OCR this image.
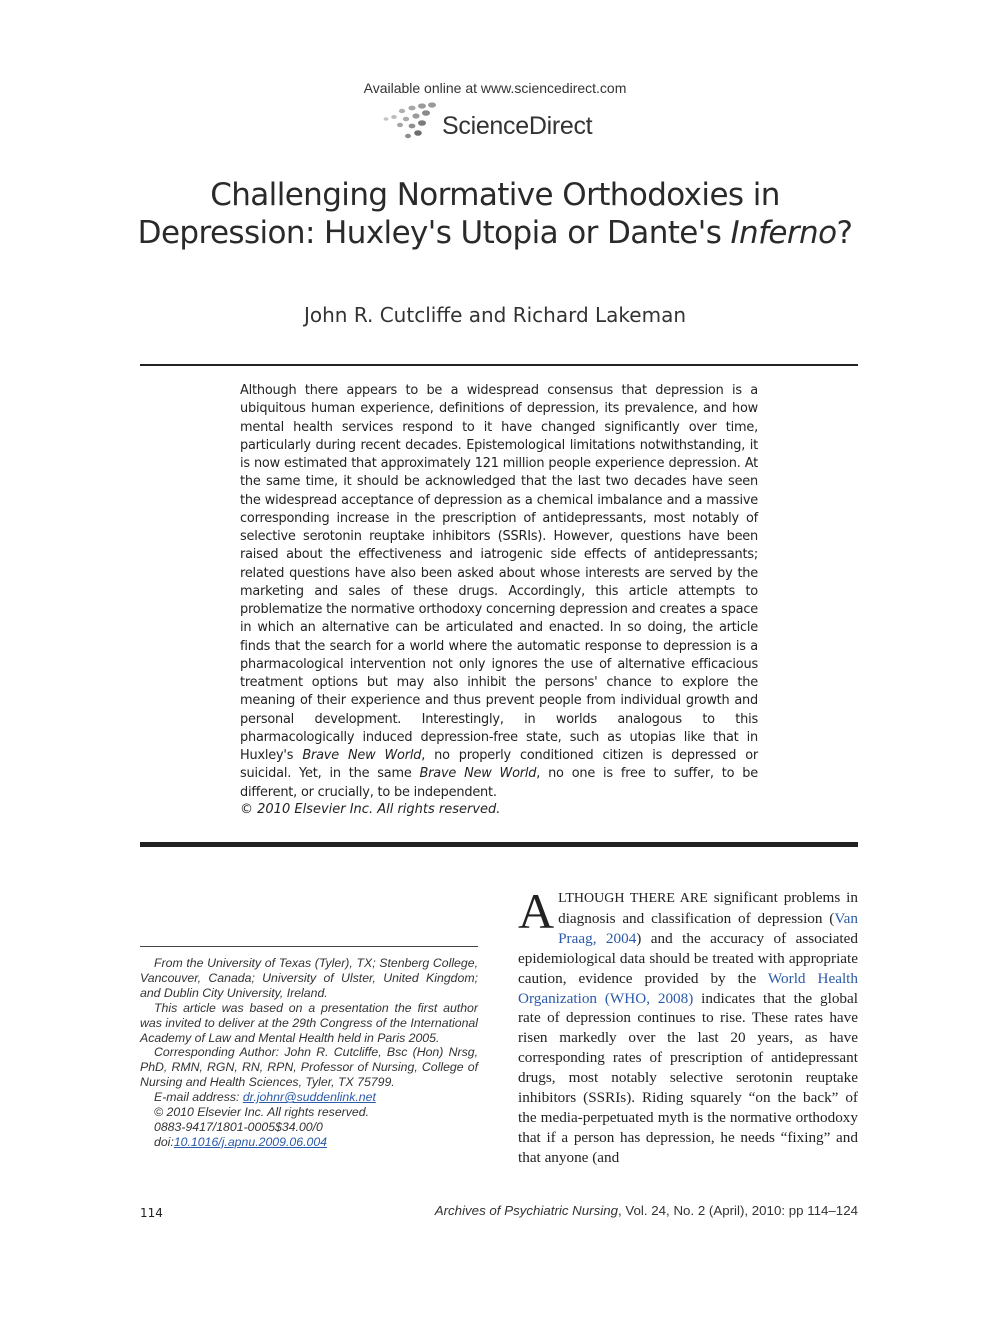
Available online at www.sciencedirect.com
ScienceDirect
Challenging Normative Orthodoxies in Depression: Huxley's Utopia or Dante's Inferno?
John R. Cutcliffe and Richard Lakeman
Although there appears to be a widespread consensus that depression is a ubiquitous human experience, definitions of depression, its prevalence, and how mental health services respond to it have changed significantly over time, particularly during recent decades. Epistemological limitations notwithstanding, it is now estimated that approximately 121 million people experience depression. At the same time, it should be acknowledged that the last two decades have seen the widespread acceptance of depression as a chemical imbalance and a massive corresponding increase in the prescription of antidepressants, most notably of selective serotonin reuptake inhibitors (SSRIs). However, questions have been raised about the effectiveness and iatrogenic side effects of antidepressants; related questions have also been asked about whose interests are served by the marketing and sales of these drugs. Accordingly, this article attempts to problematize the normative orthodoxy concerning depression and creates a space in which an alternative can be articulated and enacted. In so doing, the article finds that the search for a world where the automatic response to depression is a pharmacological intervention not only ignores the use of alternative efficacious treatment options but may also inhibit the persons' chance to explore the meaning of their experience and thus prevent people from individual growth and personal development. Interestingly, in worlds analogous to this pharmacologically induced depression-free state, such as utopias like that in Huxley's Brave New World, no properly conditioned citizen is depressed or suicidal. Yet, in the same Brave New World, no one is free to suffer, to be different, or crucially, to be independent.
© 2010 Elsevier Inc. All rights reserved.
ALTHOUGH THERE ARE significant problems in diagnosis and classification of depression (Van Praag, 2004) and the accuracy of associated epidemiological data should be treated with appropriate caution, evidence provided by the World Health Organization (WHO, 2008) indicates that the global rate of depression continues to rise. These rates have risen markedly over the last 20 years, as have corresponding rates of prescription of antidepressant drugs, most notably selective serotonin reuptake inhibitors (SSRIs). Riding squarely “on the back” of the media-perpetuated myth is the normative orthodoxy that if a person has depression, he needs “fixing” and that anyone (and

From the University of Texas (Tyler), TX; Stenberg College, Vancouver, Canada; University of Ulster, United Kingdom; and Dublin City University, Ireland.

This article was based on a presentation the first author was invited to deliver at the 29th Congress of the International Academy of Law and Mental Health held in Paris 2005.

Corresponding Author: John R. Cutcliffe, Bsc (Hon) Nrsg, PhD, RMN, RGN, RN, RPN, Professor of Nursing, College of Nursing and Health Sciences, Tyler, TX 75799.

E-mail address: dr.johnr@suddenlink.net

© 2010 Elsevier Inc. All rights reserved.

0883-9417/1801-0005$34.00/0

doi:10.1016/j.apnu.2009.06.004

114	Archives of Psychiatric Nursing, Vol. 24, No. 2 (April), 2010: pp 114–124
